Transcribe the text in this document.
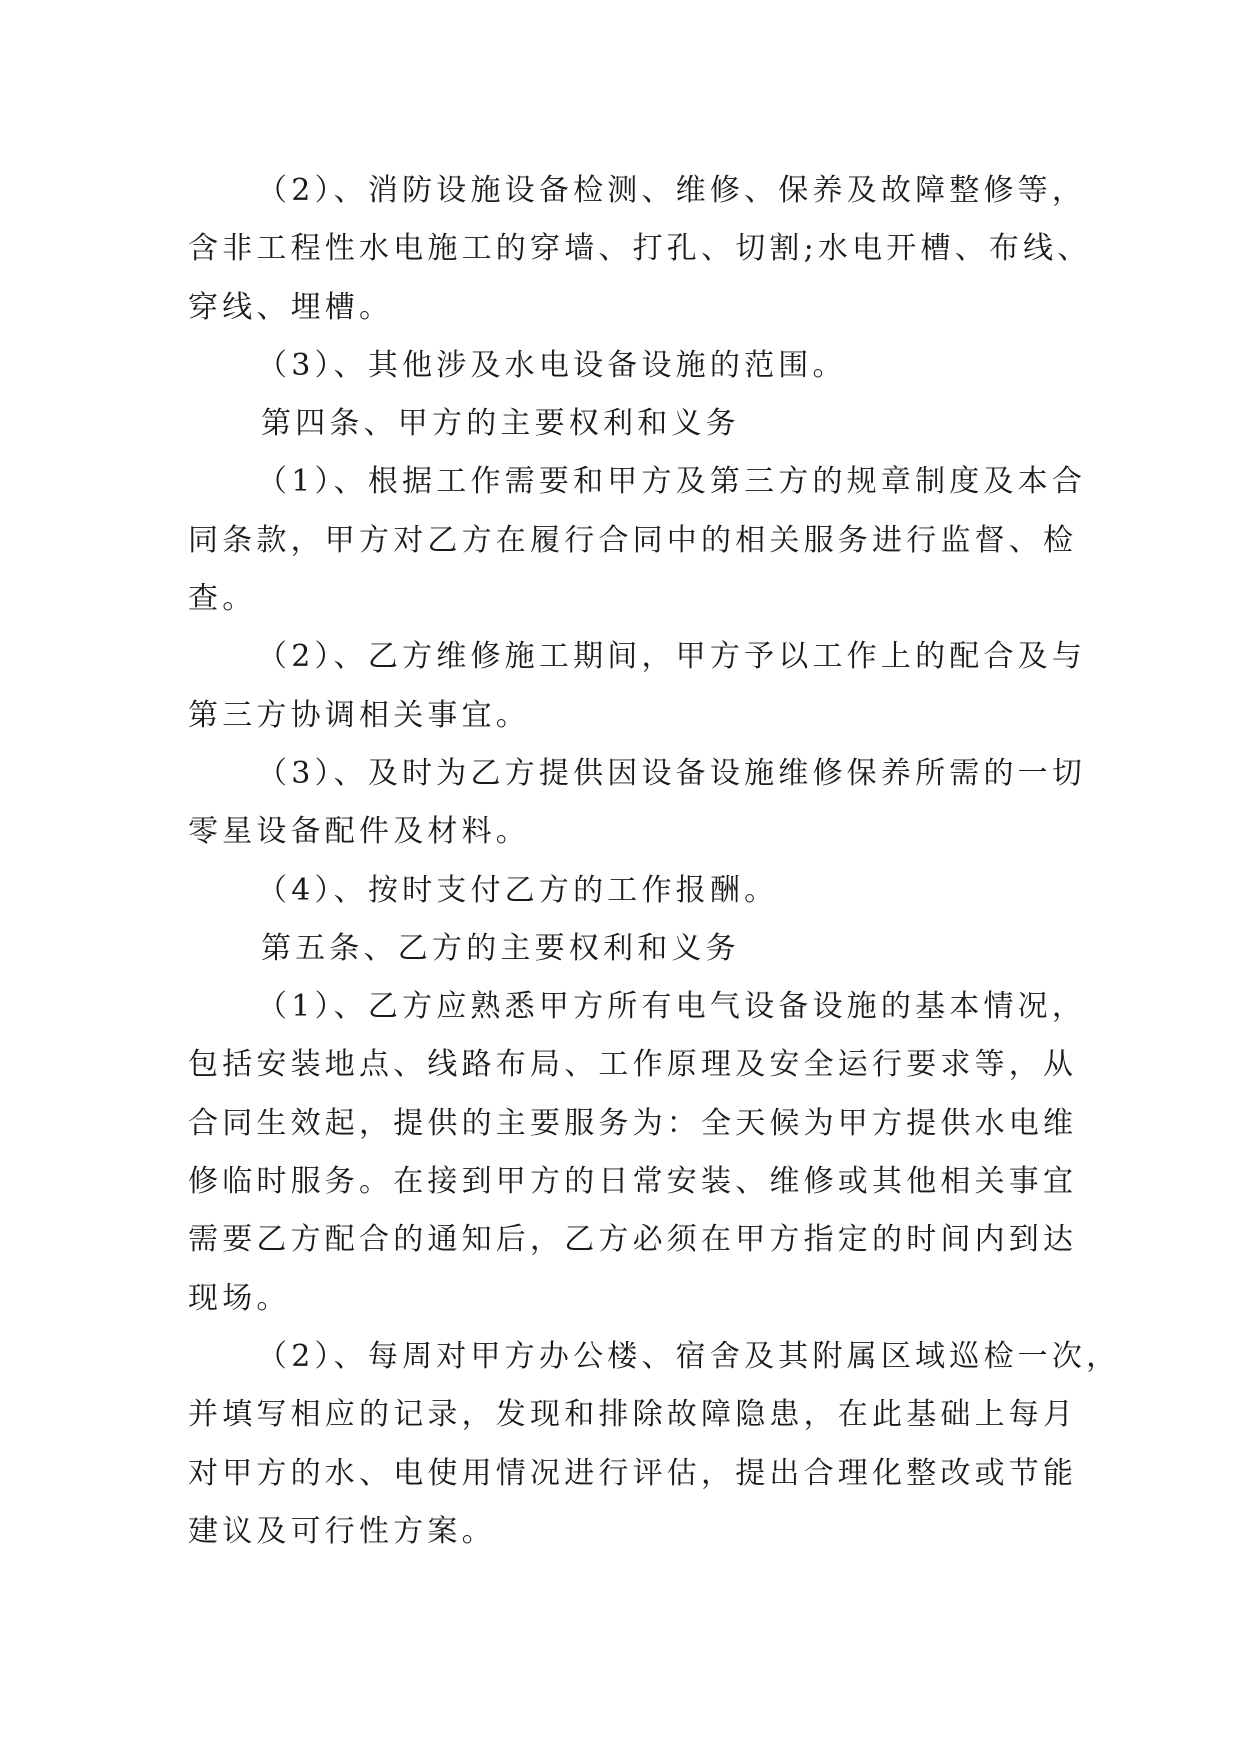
（2）、消防设施设备检测、维修、保养及故障整修等，
含非工程性水电施工的穿墙、打孔、切割;水电开槽、布线、
穿线、埋槽。
（3）、其他涉及水电设备设施的范围。
第四条、甲方的主要权利和义务
（1）、根据工作需要和甲方及第三方的规章制度及本合
同条款，甲方对乙方在履行合同中的相关服务进行监督、检
查。
（2）、乙方维修施工期间，甲方予以工作上的配合及与
第三方协调相关事宜。
（3）、及时为乙方提供因设备设施维修保养所需的一切
零星设备配件及材料。
（4）、按时支付乙方的工作报酬。
第五条、乙方的主要权利和义务
（1）、乙方应熟悉甲方所有电气设备设施的基本情况，
包括安装地点、线路布局、工作原理及安全运行要求等，从
合同生效起，提供的主要服务为：全天候为甲方提供水电维
修临时服务。在接到甲方的日常安装、维修或其他相关事宜
需要乙方配合的通知后，乙方必须在甲方指定的时间内到达
现场。
（2）、每周对甲方办公楼、宿舍及其附属区域巡检一次，
并填写相应的记录，发现和排除故障隐患，在此基础上每月
对甲方的水、电使用情况进行评估，提出合理化整改或节能
建议及可行性方案。
